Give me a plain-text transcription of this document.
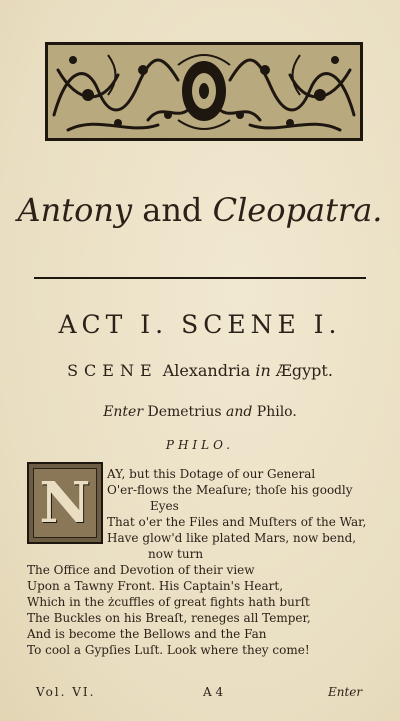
Antony and Cleopatra.
ACT I. SCENE I.
SCENE Alexandria in Ægypt.
Enter Demetrius and Philo.
PHILO.
N AY, but this Dotage of our General
O'er-flows the Meaſure; thoſe his goodly
Eyes
That o'er the Files and Muſters of the War,
Have glow'd like plated Mars, now bend,
now turn
The Office and Devotion of their view
Upon a Tawny Front. His Captain's Heart,
Which in the żcuffles of great fights hath burſt
The Buckles on his Breaſt, reneges all Temper,
And is become the Bellows and the Fan
To cool a Gypſies Luſt. Look where they come!
Vol. VI.	A 4	Enter
